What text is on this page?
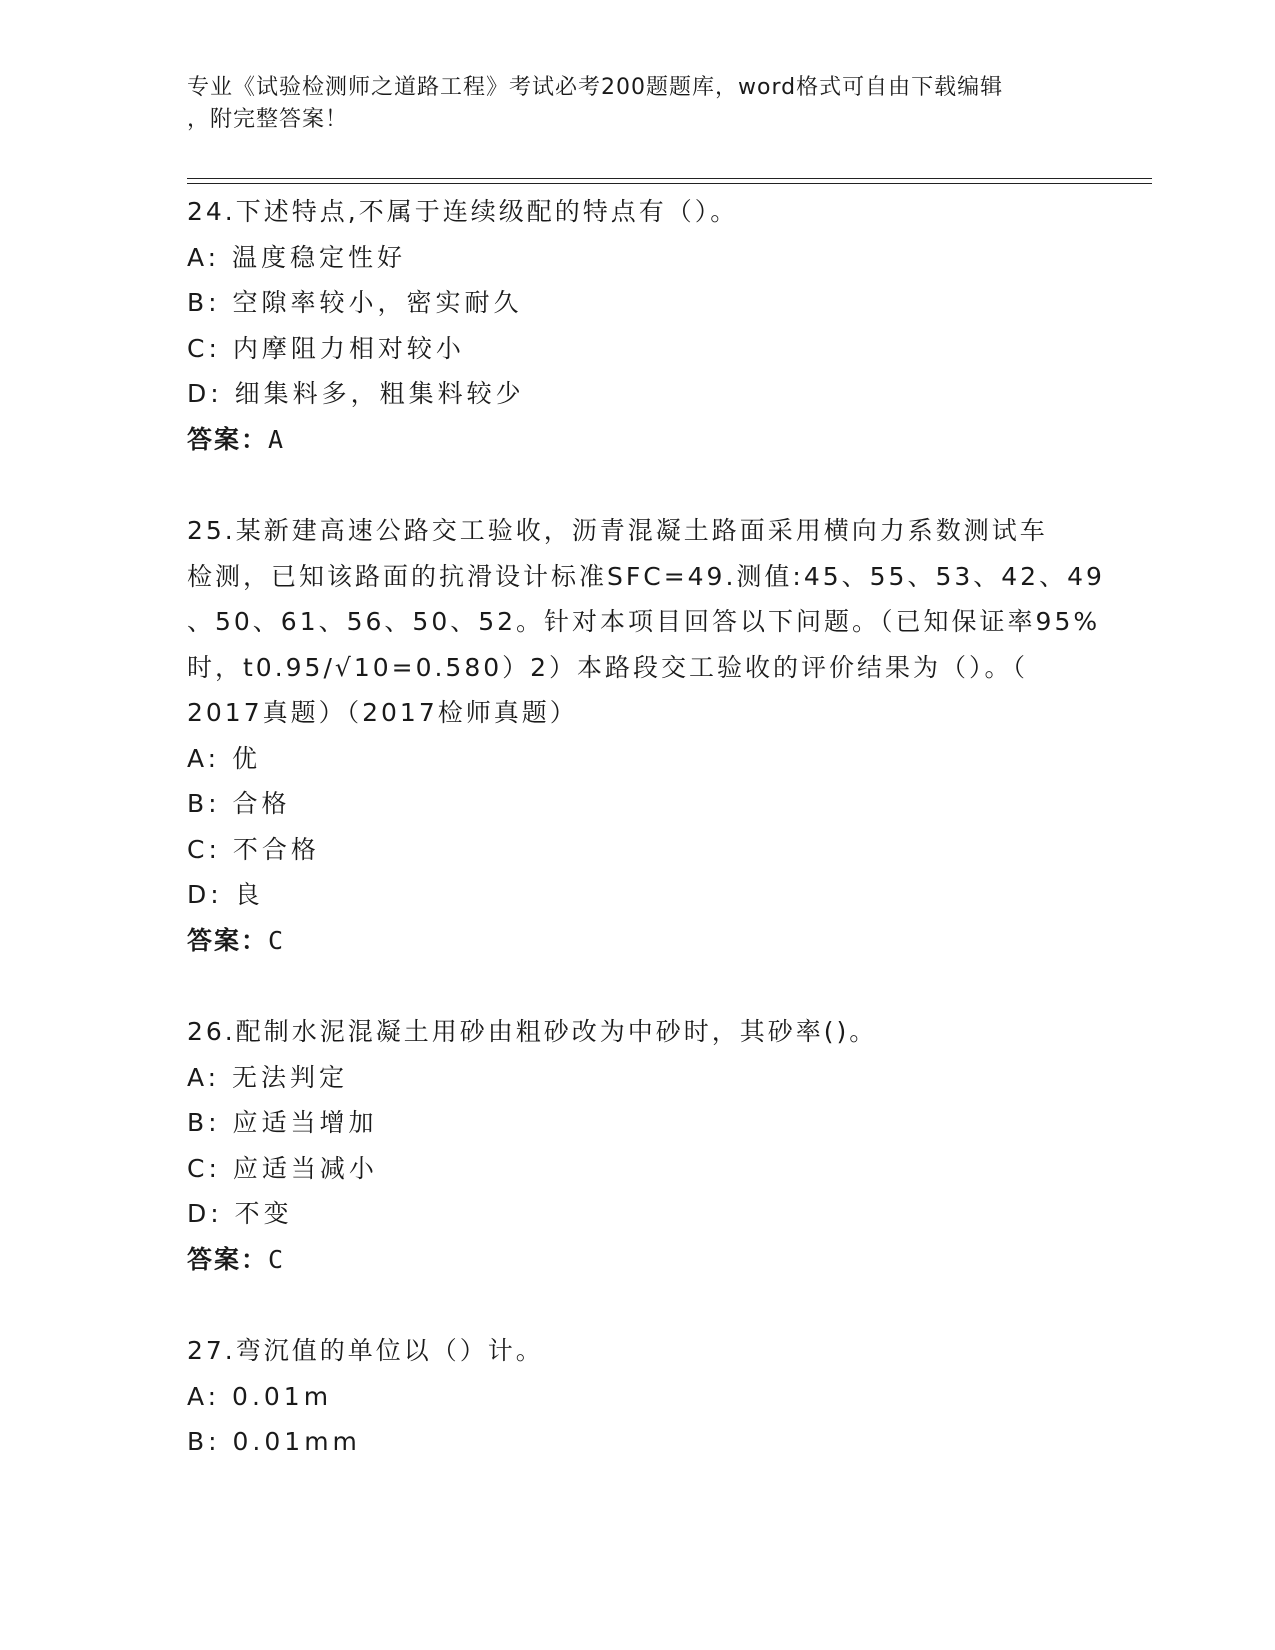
专业《试验检测师之道路工程》考试必考200题题库，word格式可自由下载编辑
，附完整答案！
24.下述特点,不属于连续级配的特点有（）。
A: 温度稳定性好
B: 空隙率较小，密实耐久
C: 内摩阻力相对较小
D: 细集料多，粗集料较少
答案：A
25.某新建高速公路交工验收，沥青混凝土路面采用横向力系数测试车
检测，已知该路面的抗滑设计标准SFC=49.测值:45、55、53、42、49
、50、61、56、50、52。针对本项目回答以下问题。（已知保证率95%
时，t0.95/√10=0.580）2）本路段交工验收的评价结果为（）。（
2017真题）（2017检师真题）
A: 优
B: 合格
C: 不合格
D: 良
答案：C
26.配制水泥混凝土用砂由粗砂改为中砂时，其砂率()。
A: 无法判定
B: 应适当增加
C: 应适当减小
D: 不变
答案：C
27.弯沉值的单位以（）计。
A: 0.01m
B: 0.01mm
